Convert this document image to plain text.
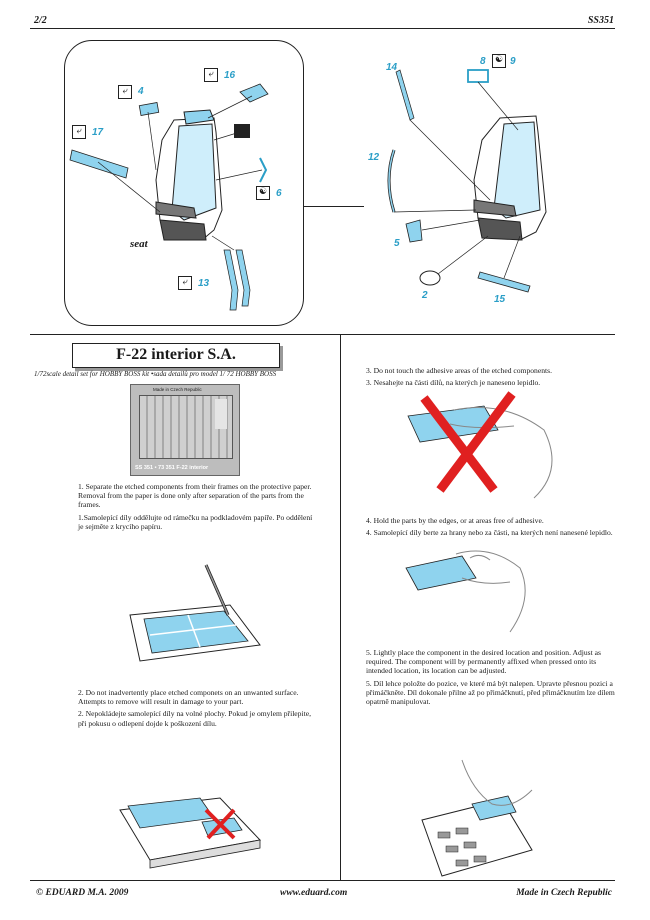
2/2	SS351
⤶	4
⤶	16
⤶	17
☯ 6
⤶	13
seat
14
8	☯ 9
12
5
2	15
F-22 interior S.A.
1/72scale detail set for HOBBY BOSS kit •sada detailů pro model 1/ 72 HOBBY BOSS
Made in Czech Republic
SS 351 • 73 351 F-22 interior

1. Separate the etched components from their frames on the protective paper. Removal from the paper is done only after separation of the parts from the frames.

1.Samolepící díly oddělujte od rámečku na podkladovém papíře. Po oddělení je sejměte z krycího papíru.

2. Do not inadvertently place etched componets on an unwanted surface. Attempts to remove will result in damage to your part.

2. Nepokládejte samolepící díly na volné plochy. Pokud je omylem přilepite, při pokusu o odlepení dojde k poškození dílu.

3. Do not touch the adhesive areas of the etched components.

3. Nesahejte na části dílů, na kterých je naneseno lepidlo.

4. Hold the parts by the edges, or at areas free of adhesive.

4. Samolepící díly berte za hrany nebo za části, na kterých není nanesené lepidlo.

5. Lightly place the component in the desired location and position. Adjust as required. The component will by permanently affixed when pressed onto its intended location, its location can be adjusted.

5. Díl lehce položte do pozice, ve které má být nalepen. Upravte přesnou pozici a přimáčkněte. Díl dokonale přilne až po přimáčknutí, před přimáčknutím lze dílem opatrně manipulovat.

© EDUARD M.A. 2009	www.eduard.com	Made in Czech Republic
